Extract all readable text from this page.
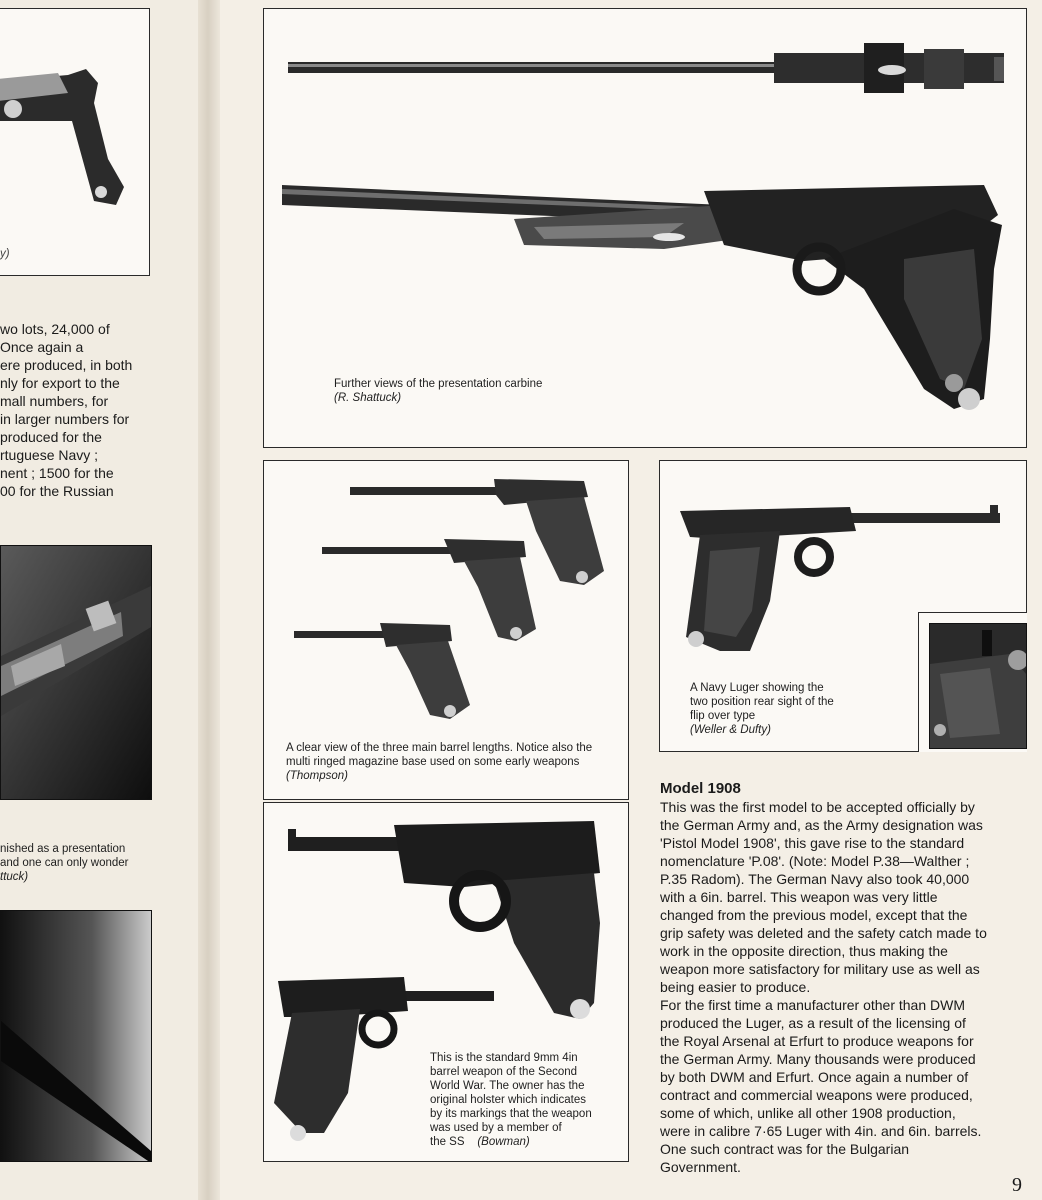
y)
wo lots, 24,000 of
Once again a
ere produced, in both
nly for export to the
mall numbers, for
in larger numbers for
produced for the
rtuguese Navy ;
nent ; 1500 for the
00 for the Russian
nished as a presentation
and one can only wonder
ttuck)
Further views of the presentation carbine
(R. Shattuck)
A clear view of the three main barrel lengths. Notice also the multi ringed magazine base used on some early weapons    (Thompson)
A Navy Luger showing the
two position rear sight of the
flip over type
(Weller & Dufty)
This is the standard 9mm 4in
barrel weapon of the Second
World War. The owner has the
original holster which indicates
by its markings that the weapon
was used by a member of
the SS (Bowman)
Model 1908
This was the first model to be accepted officially by
the German Army and, as the Army designation was
'Pistol Model 1908', this gave rise to the standard
nomenclature 'P.08'. (Note: Model P.38—Walther ;
P.35 Radom). The German Navy also took 40,000
with a 6in. barrel. This weapon was very little
changed from the previous model, except that the
grip safety was deleted and the safety catch made to
work in the opposite direction, thus making the
weapon more satisfactory for military use as well as
being easier to produce.
For the first time a manufacturer other than DWM
produced the Luger, as a result of the licensing of
the Royal Arsenal at Erfurt to produce weapons for
the German Army. Many thousands were produced
by both DWM and Erfurt. Once again a number of
contract and commercial weapons were produced,
some of which, unlike all other 1908 production,
were in calibre 7·65 Luger with 4in. and 6in. barrels.
One such contract was for the Bulgarian
Government.
9
